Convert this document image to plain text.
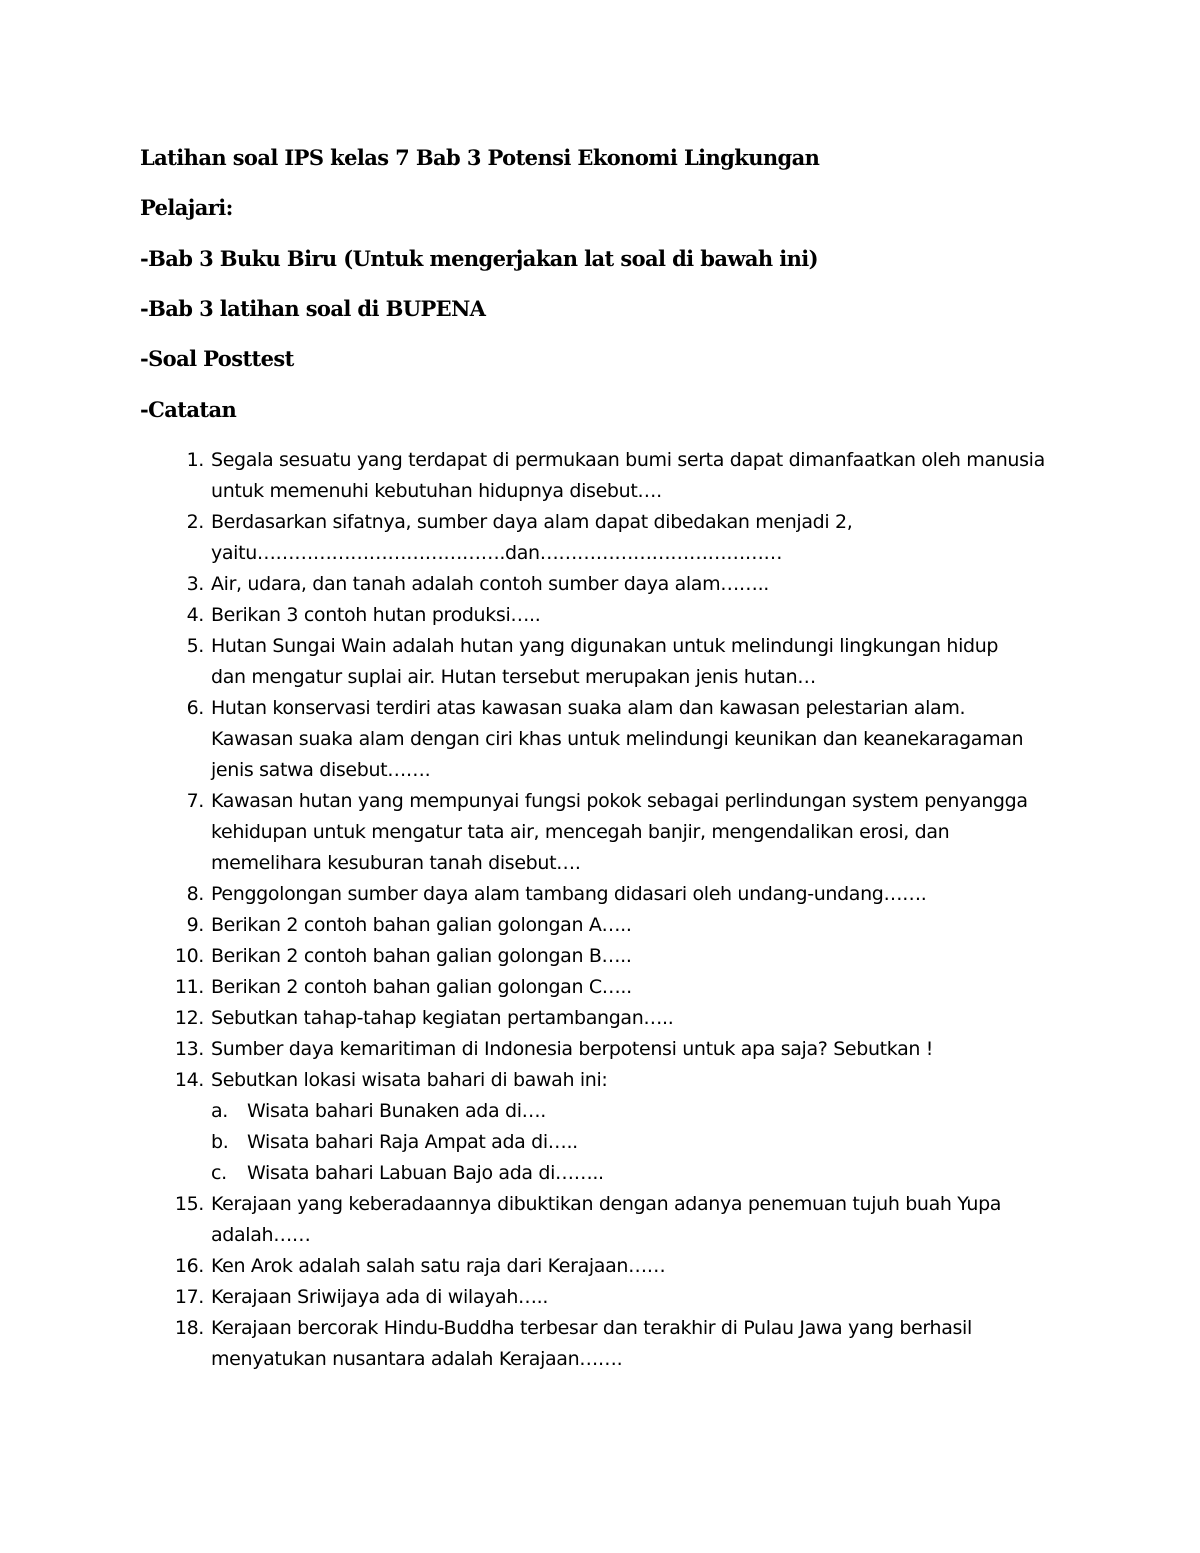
Latihan soal IPS kelas 7 Bab 3 Potensi Ekonomi Lingkungan
Pelajari:
-Bab 3 Buku Biru (Untuk mengerjakan lat soal di bawah ini)
-Bab 3 latihan soal di BUPENA
-Soal Posttest
-Catatan
1. Segala sesuatu yang terdapat di permukaan bumi serta dapat dimanfaatkan oleh manusia
untuk memenuhi kebutuhan hidupnya disebut….
2. Berdasarkan sifatnya, sumber daya alam dapat dibedakan menjadi 2,
yaitu………………………………….dan…………………………………
3. Air, udara, dan tanah adalah contoh sumber daya alam……..
4. Berikan 3 contoh hutan produksi…..
5. Hutan Sungai Wain adalah hutan yang digunakan untuk melindungi lingkungan hidup
dan mengatur suplai air. Hutan tersebut merupakan jenis hutan…
6. Hutan konservasi terdiri atas kawasan suaka alam dan kawasan pelestarian alam.
Kawasan suaka alam dengan ciri khas untuk melindungi keunikan dan keanekaragaman
jenis satwa disebut…….
7. Kawasan hutan yang mempunyai fungsi pokok sebagai perlindungan system penyangga
kehidupan untuk mengatur tata air, mencegah banjir, mengendalikan erosi, dan
memelihara kesuburan tanah disebut….
8. Penggolongan sumber daya alam tambang didasari oleh undang-undang…….
9. Berikan 2 contoh bahan galian golongan A…..
10. Berikan 2 contoh bahan galian golongan B…..
11. Berikan 2 contoh bahan galian golongan C…..
12. Sebutkan tahap-tahap kegiatan pertambangan…..
13. Sumber daya kemaritiman di Indonesia berpotensi untuk apa saja? Sebutkan !
14. Sebutkan lokasi wisata bahari di bawah ini:
a.	Wisata bahari Bunaken ada di….
b. Wisata bahari Raja Ampat ada di…..
c.	Wisata bahari Labuan Bajo ada di……..
15. Kerajaan yang keberadaannya dibuktikan dengan adanya penemuan tujuh buah Yupa
adalah……
16. Ken Arok adalah salah satu raja dari Kerajaan……
17. Kerajaan Sriwijaya ada di wilayah…..
18. Kerajaan bercorak Hindu-Buddha terbesar dan terakhir di Pulau Jawa yang berhasil
menyatukan nusantara adalah Kerajaan…….
